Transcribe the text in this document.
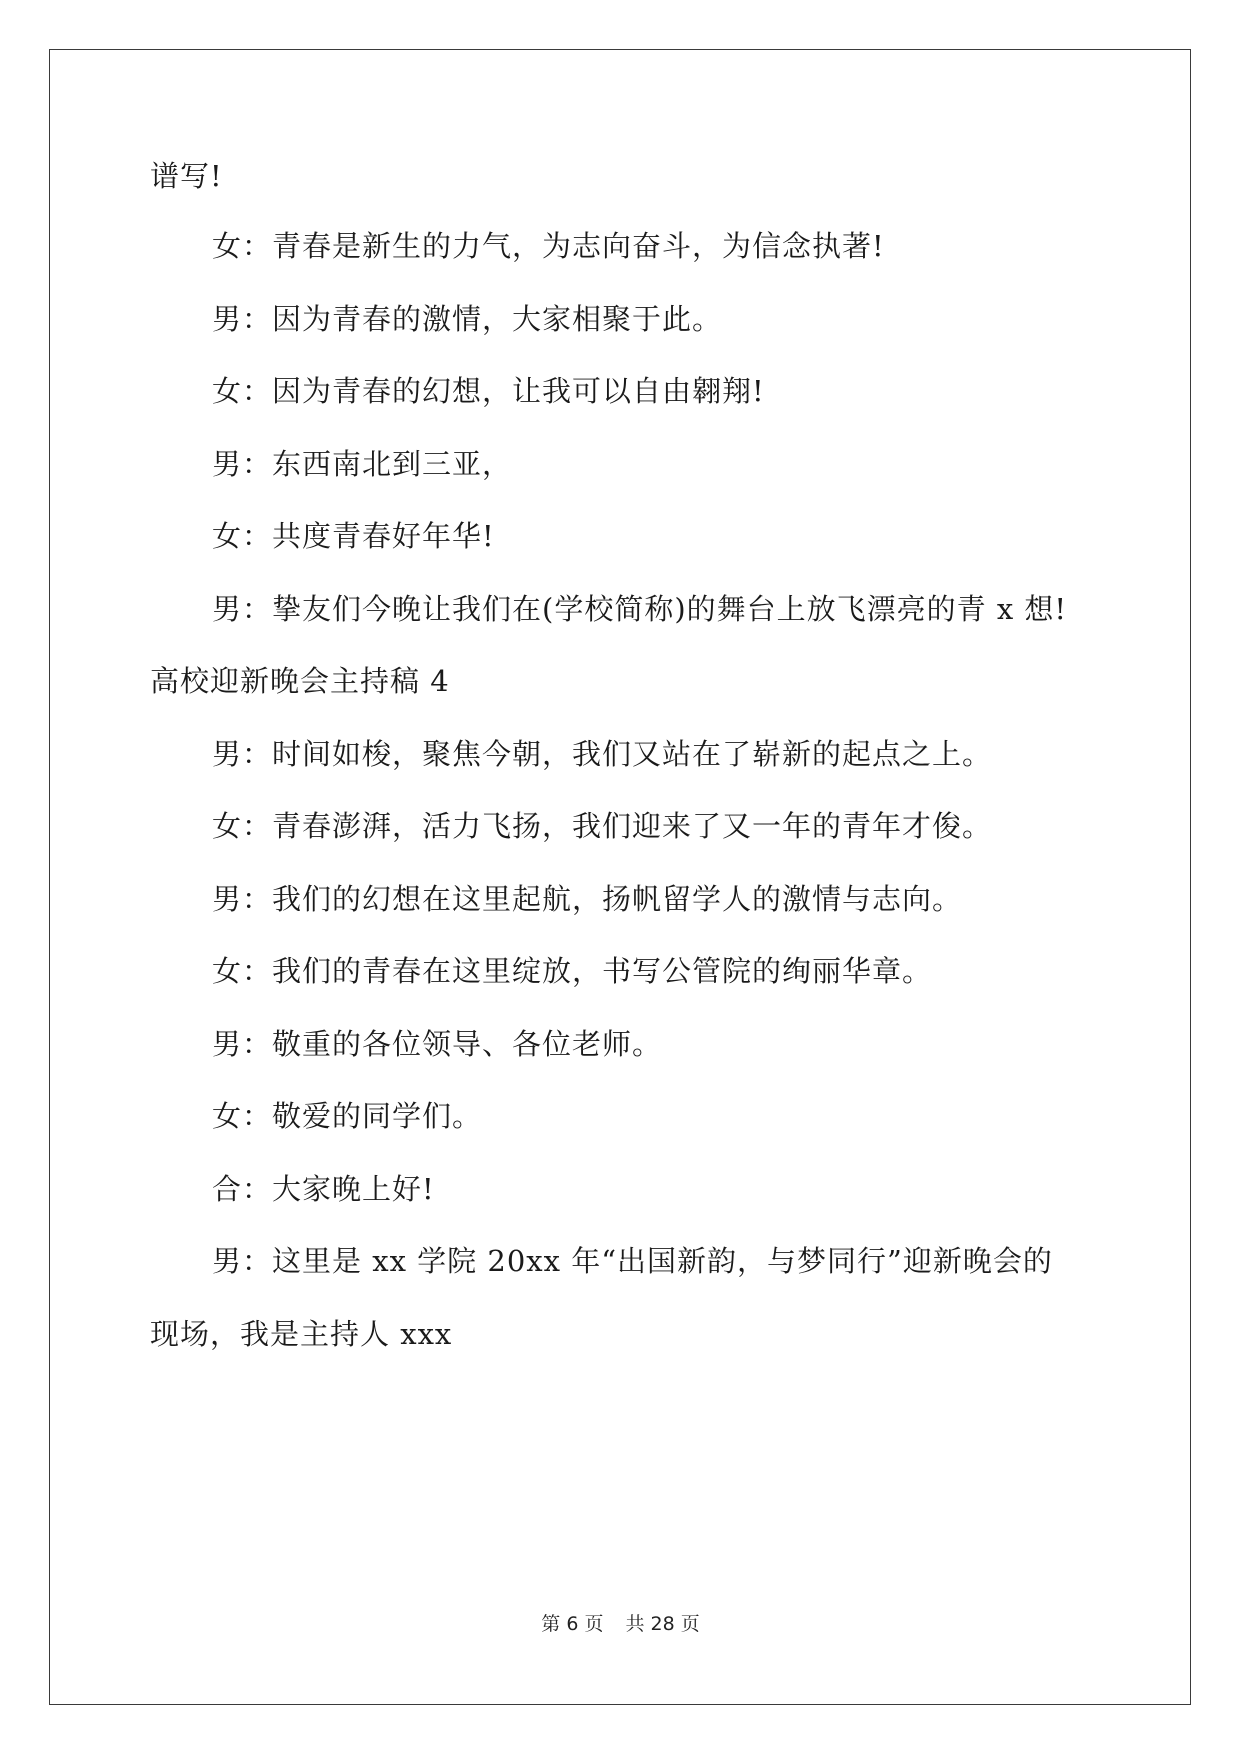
谱写!
女：青春是新生的力气，为志向奋斗，为信念执著!
男：因为青春的激情，大家相聚于此。
女：因为青春的幻想，让我可以自由翱翔!
男：东西南北到三亚，
女：共度青春好年华!
男：挚友们今晚让我们在(学校简称)的舞台上放飞漂亮的青 x 想!
高校迎新晚会主持稿 4
男：时间如梭，聚焦今朝，我们又站在了崭新的起点之上。
女：青春澎湃，活力飞扬，我们迎来了又一年的青年才俊。
男：我们的幻想在这里起航，扬帆留学人的激情与志向。
女：我们的青春在这里绽放，书写公管院的绚丽华章。
男：敬重的各位领导、各位老师。
女：敬爱的同学们。
合：大家晚上好!
男：这里是 xx 学院 20xx 年“出国新韵，与梦同行”迎新晚会的
现场，我是主持人 xxx
第 6 页 共 28 页
